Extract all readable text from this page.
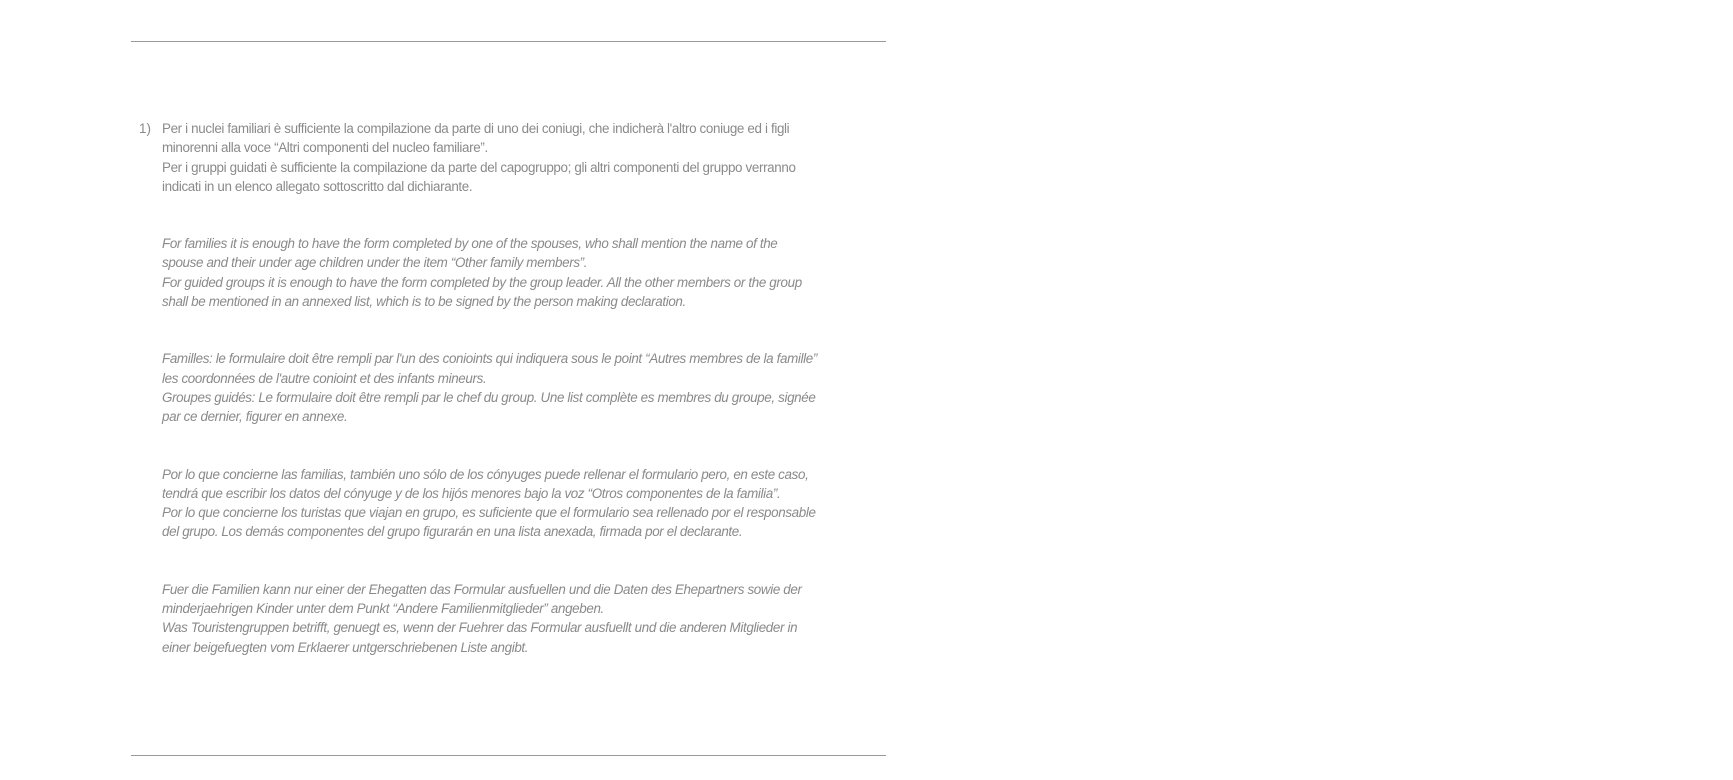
1) Per i nuclei familiari è sufficiente la compilazione da parte di uno dei coniugi, che indicherà l'altro coniuge ed i figli minorenni alla voce “Altri componenti del nucleo familiare”.

Per i gruppi guidati è sufficiente la compilazione da parte del capogruppo; gli altri componenti del gruppo verranno indicati in un elenco allegato sottoscritto dal dichiarante.

For families it is enough to have the form completed by one of the spouses, who shall mention the name of the spouse and their under age children under the item “Other family members”.

For guided groups it is enough to have the form completed by the group leader. All the other members or the group shall be mentioned in an annexed list, which is to be signed by the person making declaration.

Familles: le formulaire doit être rempli par l'un des conioints qui indiquera sous le point “Autres membres de la famille” les coordonnées de l'autre conioint et des infants mineurs.

Groupes guidés: Le formulaire doit être rempli par le chef du group. Une list complète es membres du groupe, signée par ce dernier, figurer en annexe.

Por lo que concierne las familias, también uno sólo de los cónyuges puede rellenar el formulario pero, en este caso, tendrá que escribir los datos del cónyuge y de los hijós menores bajo la voz “Otros componentes de la familia”.

Por lo que concierne los turistas que viajan en grupo, es suficiente que el formulario sea rellenado por el responsable del grupo. Los demás componentes del grupo figurarán en una lista anexada, firmada por el declarante.

Fuer die Familien kann nur einer der Ehegatten das Formular ausfuellen und die Daten des Ehepartners sowie der minderjaehrigen Kinder unter dem Punkt “Andere Familienmitglieder” angeben.

Was Touristengruppen betrifft, genuegt es, wenn der Fuehrer das Formular ausfuellt und die anderen Mitglieder in einer beigefuegten vom Erklaerer untgerschriebenen Liste angibt.
